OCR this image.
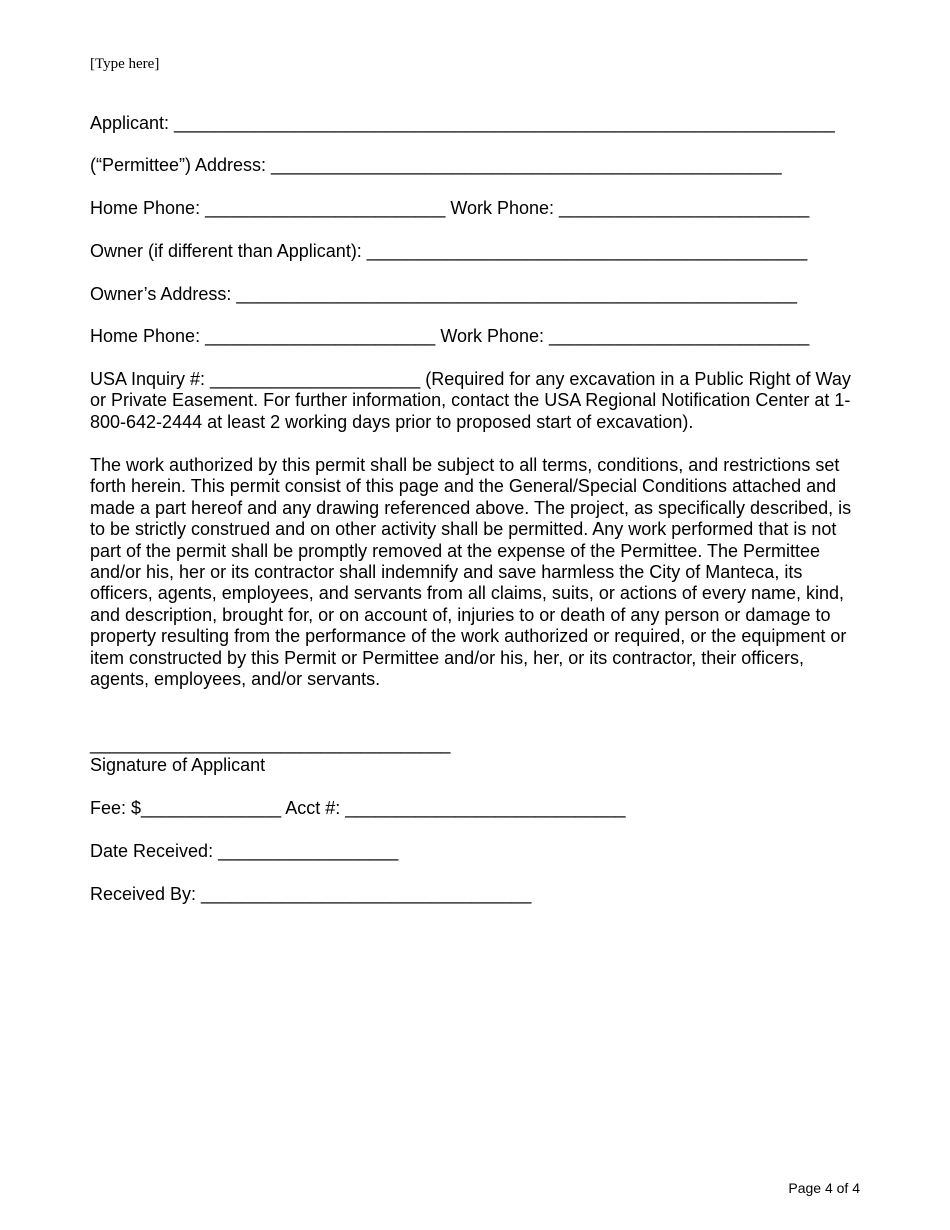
[Type here]
Applicant: __________________________________________________________________
(“Permittee”) Address: ___________________________________________________
Home Phone: ________________________ Work Phone: _________________________
Owner (if different than Applicant): ____________________________________________
Owner’s Address: ________________________________________________________
Home Phone: _______________________ Work Phone: __________________________
USA Inquiry #: _____________________ (Required for any excavation in a Public Right of Way or Private Easement. For further information, contact the USA Regional Notification Center at 1-800-642-2444 at least 2 working days prior to proposed start of excavation).
The work authorized by this permit shall be subject to all terms, conditions, and restrictions set forth herein. This permit consist of this page and the General/Special Conditions attached and made a part hereof and any drawing referenced above. The project, as specifically described, is to be strictly construed and on other activity shall be permitted. Any work performed that is not part of the permit shall be promptly removed at the expense of the Permittee. The Permittee and/or his, her or its contractor shall indemnify and save harmless the City of Manteca, its officers, agents, employees, and servants from all claims, suits, or actions of every name, kind, and description, brought for, or on account of, injuries to or death of any person or damage to property resulting from the performance of the work authorized or required, or the equipment or item constructed by this Permit or Permittee and/or his, her, or its contractor, their officers, agents, employees, and/or servants.
____________________________________
Signature of Applicant
Fee: $______________ Acct #: ____________________________
Date Received: __________________
Received By: _________________________________
Page 4 of 4
